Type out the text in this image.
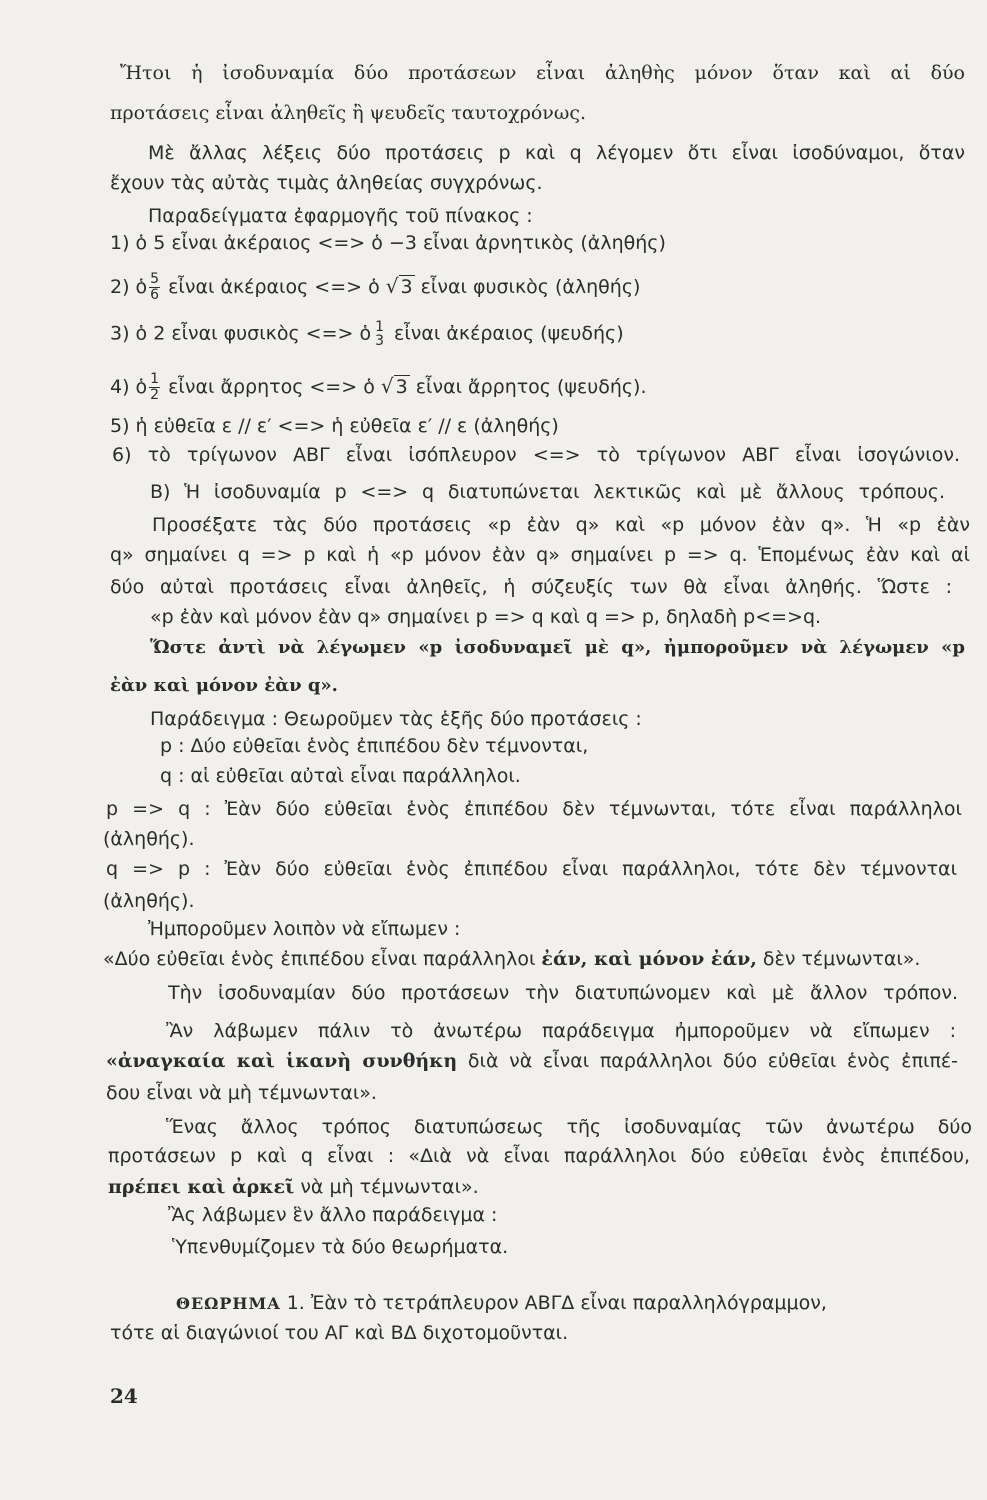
Ἤτοι ἡ ἰσοδυναμία δύο προτάσεων εἶναι ἀληθὴς μόνον ὅταν καὶ αἱ δύο
προτάσεις εἶναι ἀληθεῖς ἢ ψευδεῖς ταυτοχρόνως.
Μὲ ἄλλας λέξεις δύο προτάσεις p καὶ q λέγομεν ὅτι εἶναι ἰσοδύναμοι, ὅταν
ἔχουν τὰς αὐτὰς τιμὰς ἀληθείας συγχρόνως.
Παραδείγματα ἐφαρμογῆς τοῦ πίνακος :
1) ὁ 5 εἶναι ἀκέραιος <=> ὁ −3 εἶναι ἀρνητικὸς (ἀληθής)
2) ὁ $\frac{5}{6}$ εἶναι ἀκέραιος <=> ὁ √ 3 εἶναι φυσικὸς (ἀληθής)
3) ὁ 2 εἶναι φυσικὸς <=> ὁ 1
3 εἶναι ἀκέραιος (ψευδής)
4) ὁ $\frac{1}{2}$ εἶναι ἄρρητος <=> ὁ √ 3 εἶναι ἄρρητος (ψευδής).
5) ἡ εὐθεῖα ε // ε′ <=> ἡ εὐθεῖα ε′ // ε (ἀληθής)
6) τὸ τρίγωνον ΑΒΓ εἶναι ἰσόπλευρον <=> τὸ τρίγωνον ΑΒΓ εἶναι ἰσογώνιον.
Β) Ἡ ἰσοδυναμία p <=> q διατυπώνεται λεκτικῶς καὶ μὲ ἄλλους τρόπους.
Προσέξατε τὰς δύο προτάσεις «p ἐὰν q» καὶ «p μόνον ἐὰν q». Ἡ «p ἐὰν
q» σημαίνει q => p καὶ ἡ «p μόνον ἐὰν q» σημαίνει p => q. Ἑπομένως ἐὰν καὶ αἱ
δύο αὐταὶ προτάσεις εἶναι ἀληθεῖς, ἡ σύζευξίς των θὰ εἶναι ἀληθής. Ὥστε :
«p ἐὰν καὶ μόνον ἐὰν q» σημαίνει p => q καὶ q => p, δηλαδὴ p<=>q.
Ὥστε ἀντὶ νὰ λέγωμεν «p ἰσοδυναμεῖ μὲ q», ἠμποροῦμεν νὰ λέγωμεν «p
ἐὰν καὶ μόνον ἐὰν q».
Παράδειγμα : Θεωροῦμεν τὰς ἑξῆς δύο προτάσεις :
p : Δύο εὐθεῖαι ἑνὸς ἐπιπέδου δὲν τέμνονται,
q : αἱ εὐθεῖαι αὐταὶ εἶναι παράλληλοι.
p => q : Ἐὰν δύο εὐθεῖαι ἑνὸς ἐπιπέδου δὲν τέμνωνται, τότε εἶναι παράλληλοι
(ἀληθής).
q => p : Ἐὰν δύο εὐθεῖαι ἑνὸς ἐπιπέδου εἶναι παράλληλοι, τότε δὲν τέμνονται
(ἀληθής).
Ἠμποροῦμεν λοιπὸν νὰ εἴπωμεν :
«Δύο εὐθεῖαι ἑνὸς ἐπιπέδου εἶναι παράλληλοι ἐάν, καὶ μόνον ἐάν, δὲν τέμνωνται».
Τὴν ἰσοδυναμίαν δύο προτάσεων τὴν διατυπώνομεν καὶ μὲ ἄλλον τρόπον.
Ἂν λάβωμεν πάλιν τὸ ἀνωτέρω παράδειγμα ἠμποροῦμεν νὰ εἴπωμεν :
«ἀναγκαία καὶ ἱκανὴ συνθήκη διὰ νὰ εἶναι παράλληλοι δύο εὐθεῖαι ἑνὸς ἐπιπέ-
δου εἶναι νὰ μὴ τέμνωνται».
Ἕνας ἄλλος τρόπος διατυπώσεως τῆς ἰσοδυναμίας τῶν ἀνωτέρω δύο
προτάσεων p καὶ q εἶναι : «Διὰ νὰ εἶναι παράλληλοι δύο εὐθεῖαι ἑνὸς ἐπιπέδου,
πρέπει καὶ ἀρκεῖ νὰ μὴ τέμνωνται».
Ἂς λάβωμεν ἓν ἄλλο παράδειγμα :
Ὑπενθυμίζομεν τὰ δύο θεωρήματα.
ΘΕΩΡΗΜΑ 1. Ἐὰν τὸ τετράπλευρον ΑΒΓΔ εἶναι παραλληλόγραμμον,
τότε αἱ διαγώνιοί του ΑΓ καὶ ΒΔ διχοτομοῦνται.
24
